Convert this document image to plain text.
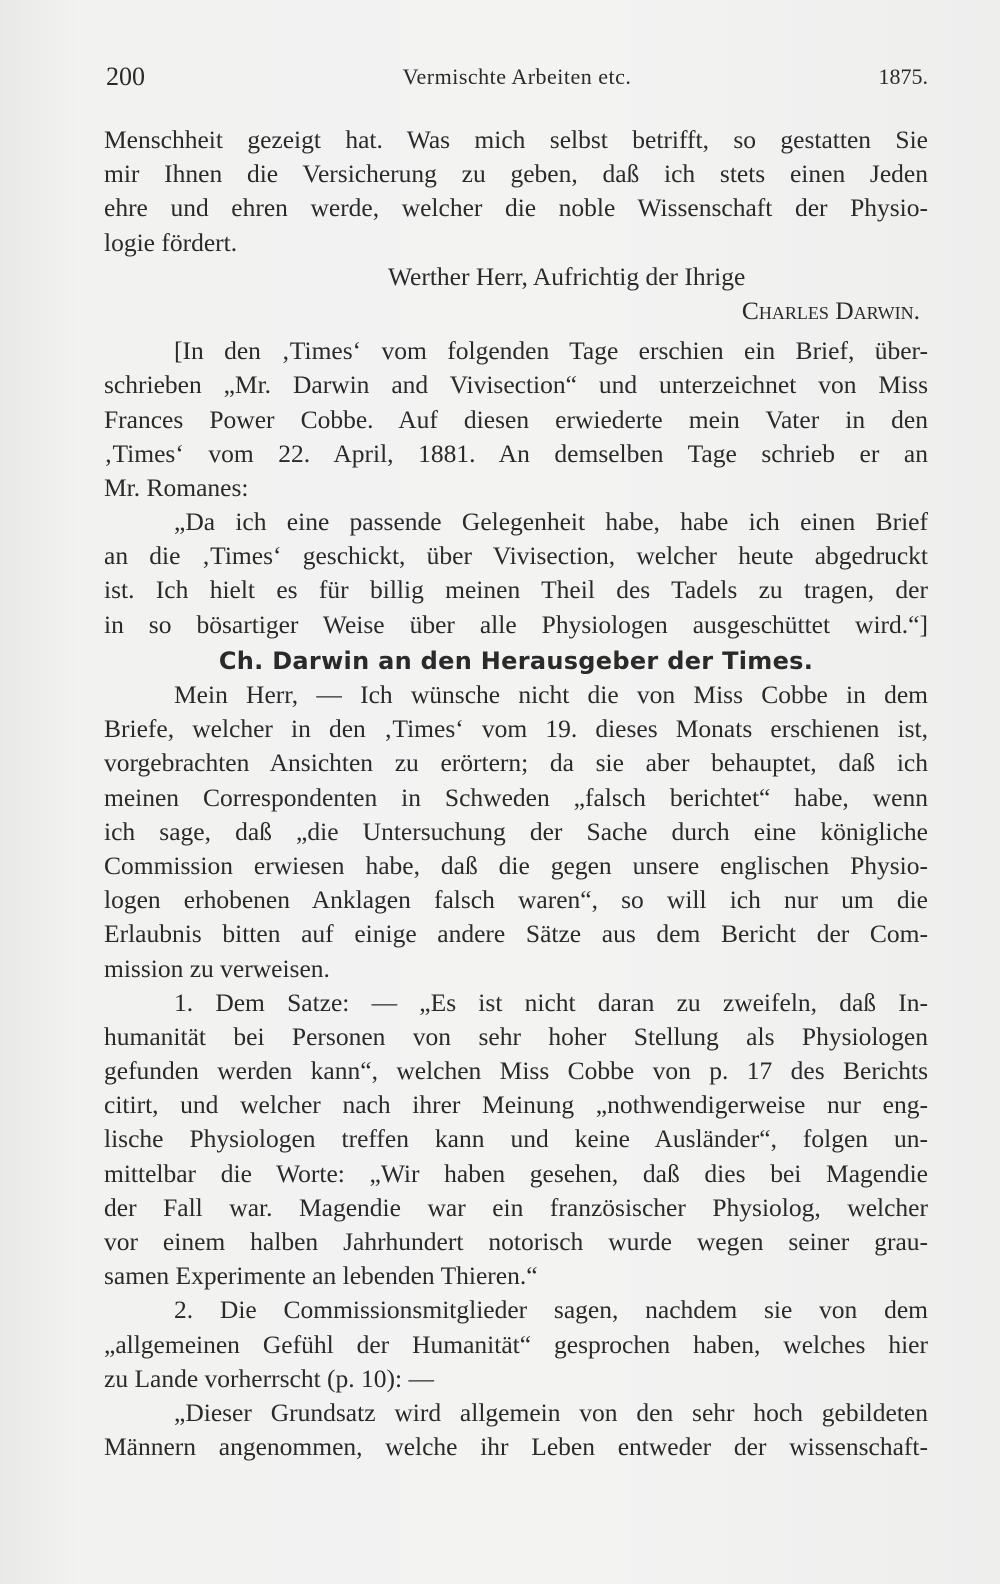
200	Vermischte Arbeiten etc.	1875.
Menschheit gezeigt hat. Was mich selbst betrifft, so gestatten Sie
mir Ihnen die Versicherung zu geben, daß ich stets einen Jeden
ehre und ehren werde, welcher die noble Wissenschaft der Physio-
logie fördert.
Werther Herr, Aufrichtig der Ihrige
Charles Darwin.
[In den ‚Times‘ vom folgenden Tage erschien ein Brief, über-
schrieben „Mr. Darwin and Vivisection“ und unterzeichnet von Miss
Frances Power Cobbe. Auf diesen erwiederte mein Vater in den
‚Times‘ vom 22. April, 1881. An demselben Tage schrieb er an
Mr. Romanes:
„Da ich eine passende Gelegenheit habe, habe ich einen Brief
an die ‚Times‘ geschickt, über Vivisection, welcher heute abgedruckt
ist. Ich hielt es für billig meinen Theil des Tadels zu tragen, der
in so bösartiger Weise über alle Physiologen ausgeschüttet wird.“]
Ch. Darwin an den Herausgeber der Times.
Mein Herr, — Ich wünsche nicht die von Miss Cobbe in dem
Briefe, welcher in den ‚Times‘ vom 19. dieses Monats erschienen ist,
vorgebrachten Ansichten zu erörtern; da sie aber behauptet, daß ich
meinen Correspondenten in Schweden „falsch berichtet“ habe, wenn
ich sage, daß „die Untersuchung der Sache durch eine königliche
Commission erwiesen habe, daß die gegen unsere englischen Physio-
logen erhobenen Anklagen falsch waren“, so will ich nur um die
Erlaubnis bitten auf einige andere Sätze aus dem Bericht der Com-
mission zu verweisen.
1. Dem Satze: — „Es ist nicht daran zu zweifeln, daß In-
humanität bei Personen von sehr hoher Stellung als Physiologen
gefunden werden kann“, welchen Miss Cobbe von p. 17 des Berichts
citirt, und welcher nach ihrer Meinung „nothwendigerweise nur eng-
lische Physiologen treffen kann und keine Ausländer“, folgen un-
mittelbar die Worte: „Wir haben gesehen, daß dies bei Magendie
der Fall war. Magendie war ein französischer Physiolog, welcher
vor einem halben Jahrhundert notorisch wurde wegen seiner grau-
samen Experimente an lebenden Thieren.“
2. Die Commissionsmitglieder sagen, nachdem sie von dem
„allgemeinen Gefühl der Humanität“ gesprochen haben, welches hier
zu Lande vorherrscht (p. 10): —
„Dieser Grundsatz wird allgemein von den sehr hoch gebildeten
Männern angenommen, welche ihr Leben entweder der wissenschaft-
